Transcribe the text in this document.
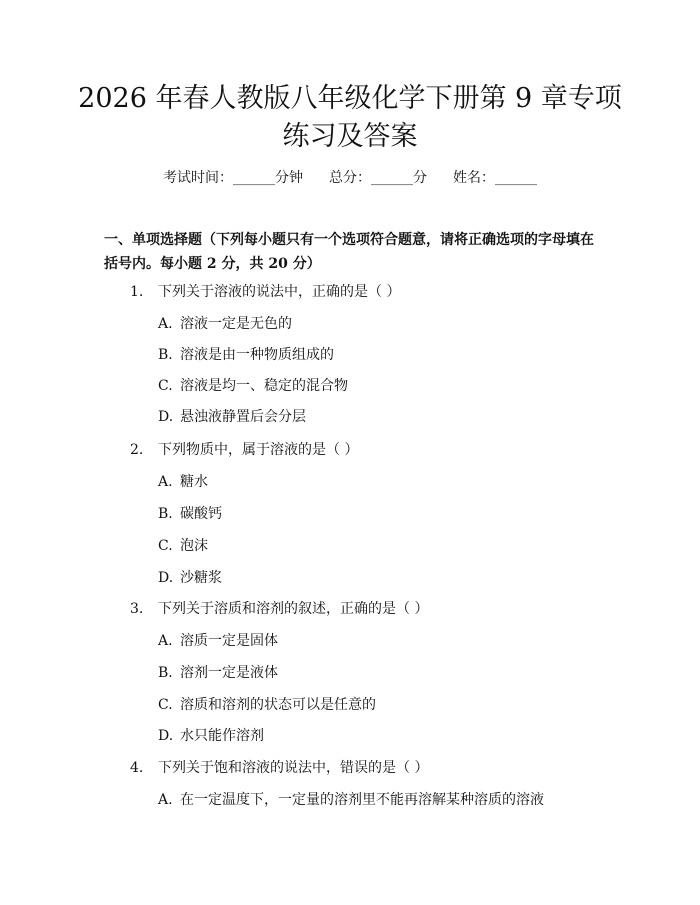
2026 年春人教版八年级化学下册第 9 章专项
练习及答案
考试时间：______分钟 总分：______分 姓名：______
一、单项选择题（下列每小题只有一个选项符合题意，请将正确选项的字母填在
括号内。每小题 2 分，共 20 分）
1. 下列关于溶液的说法中，正确的是（ ）
A. 溶液一定是无色的
B. 溶液是由一种物质组成的
C. 溶液是均一、稳定的混合物
D. 悬浊液静置后会分层
2. 下列物质中，属于溶液的是（ ）
A. 糖水
B. 碳酸钙
C. 泡沫
D. 沙糖浆
3. 下列关于溶质和溶剂的叙述，正确的是（ ）
A. 溶质一定是固体
B. 溶剂一定是液体
C. 溶质和溶剂的状态可以是任意的
D. 水只能作溶剂
4. 下列关于饱和溶液的说法中，错误的是（ ）
A. 在一定温度下，一定量的溶剂里不能再溶解某种溶质的溶液
